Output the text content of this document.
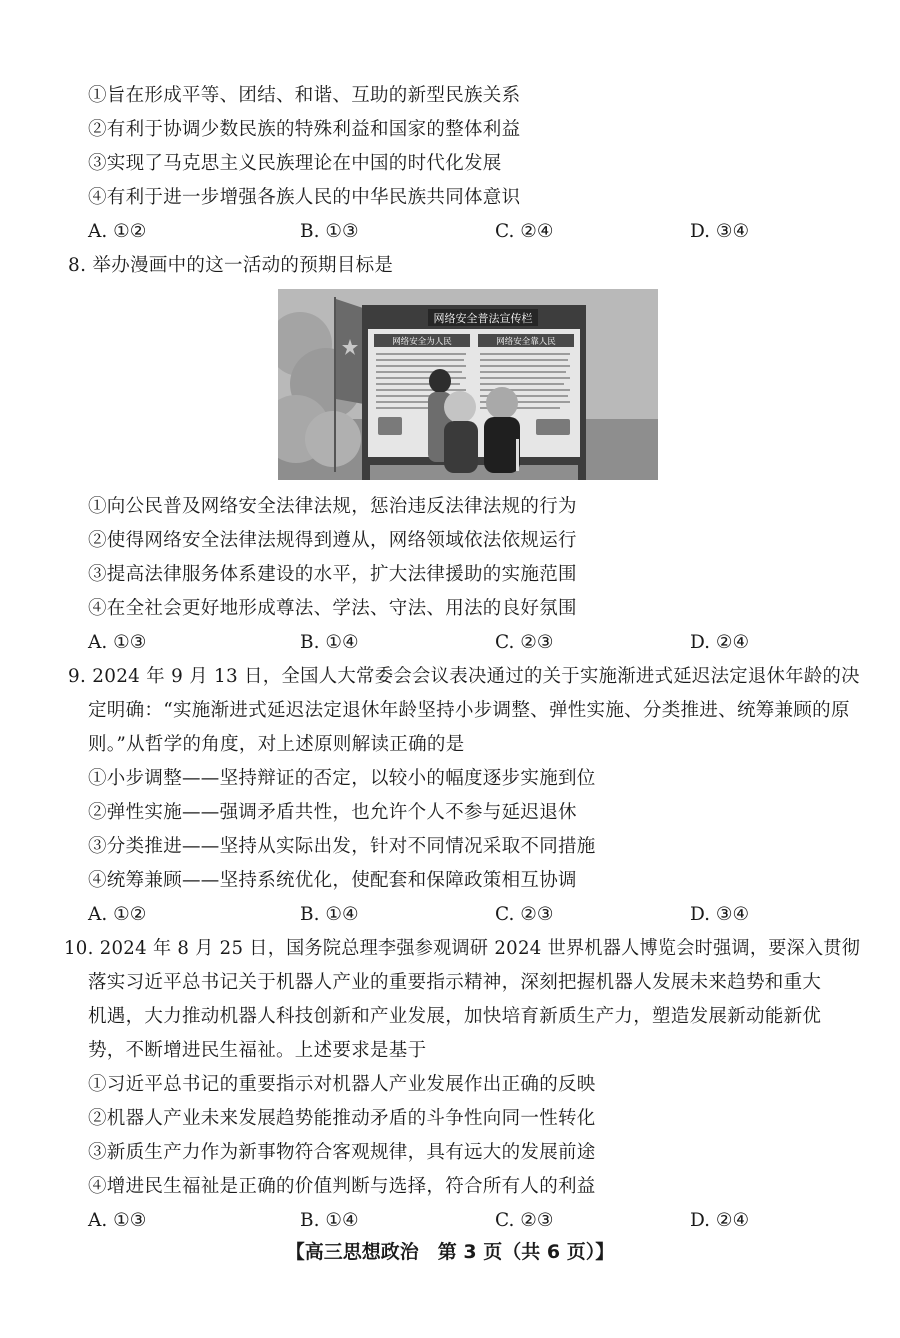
①旨在形成平等、团结、和谐、互助的新型民族关系
②有利于协调少数民族的特殊利益和国家的整体利益
③实现了马克思主义民族理论在中国的时代化发展
④有利于进一步增强各族人民的中华民族共同体意识
A. ①②	B. ①③	C. ②④	D. ③④
8. 举办漫画中的这一活动的预期目标是
网络安全普法宣传栏
网络安全为人民	网络安全靠人民
①向公民普及网络安全法律法规，惩治违反法律法规的行为
②使得网络安全法律法规得到遵从，网络领域依法依规运行
③提高法律服务体系建设的水平，扩大法律援助的实施范围
④在全社会更好地形成尊法、学法、守法、用法的良好氛围
A. ①③	B. ①④	C. ②③	D. ②④
9. 2024 年 9 月 13 日，全国人大常委会会议表决通过的关于实施渐进式延迟法定退休年龄的决
定明确：“实施渐进式延迟法定退休年龄坚持小步调整、弹性实施、分类推进、统筹兼顾的原
则。”从哲学的角度，对上述原则解读正确的是
①小步调整——坚持辩证的否定，以较小的幅度逐步实施到位
②弹性实施——强调矛盾共性，也允许个人不参与延迟退休
③分类推进——坚持从实际出发，针对不同情况采取不同措施
④统筹兼顾——坚持系统优化，使配套和保障政策相互协调
A. ①②	B. ①④	C. ②③	D. ③④
10. 2024 年 8 月 25 日，国务院总理李强参观调研 2024 世界机器人博览会时强调，要深入贯彻
落实习近平总书记关于机器人产业的重要指示精神，深刻把握机器人发展未来趋势和重大
机遇，大力推动机器人科技创新和产业发展，加快培育新质生产力，塑造发展新动能新优
势，不断增进民生福祉。上述要求是基于
①习近平总书记的重要指示对机器人产业发展作出正确的反映
②机器人产业未来发展趋势能推动矛盾的斗争性向同一性转化
③新质生产力作为新事物符合客观规律，具有远大的发展前途
④增进民生福祉是正确的价值判断与选择，符合所有人的利益
A. ①③	B. ①④	C. ②③	D. ②④
【高三思想政治　第 3 页（共 6 页）】
